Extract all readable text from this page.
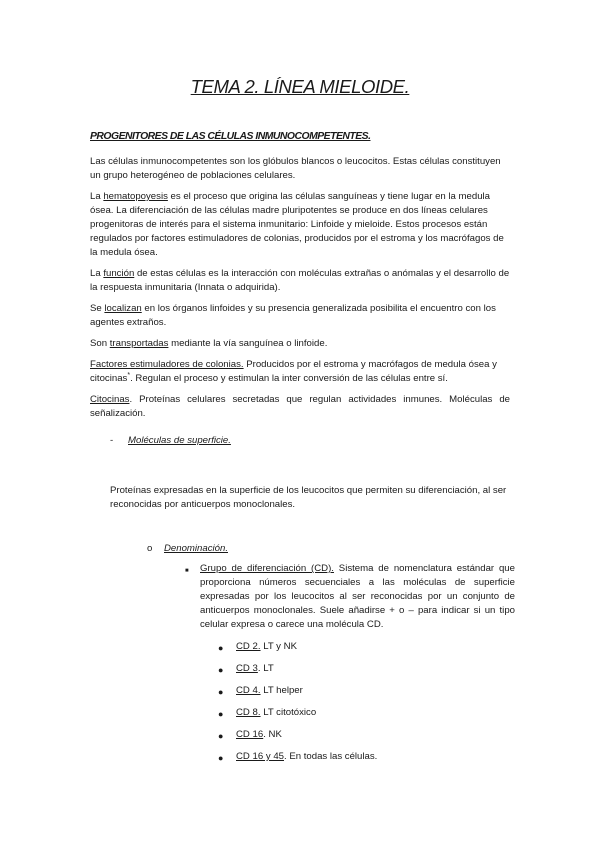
TEMA 2. LÍNEA MIELOIDE.
PROGENITORES DE LAS CÉLULAS INMUNOCOMPETENTES.

Las células inmunocompetentes son los glóbulos blancos o leucocitos. Estas células constituyen un grupo heterogéneo de poblaciones celulares.

La hematopoyesis es el proceso que origina las células sanguíneas y tiene lugar en la medula ósea. La diferenciación de las células madre pluripotentes se produce en dos líneas celulares progenitoras de interés para el sistema inmunitario: Linfoide y mieloide. Estos procesos están regulados por factores estimuladores de colonias, producidos por el estroma y los macrófagos de la medula ósea.

La función de estas células es la interacción con moléculas extrañas o anómalas y el desarrollo de la respuesta inmunitaria (Innata o adquirida).

Se localizan en los órganos linfoides y su presencia generalizada posibilita el encuentro con los agentes extraños.

Son transportadas mediante la vía sanguínea o linfoide.

Factores estimuladores de colonias. Producidos por el estroma y macrófagos de medula ósea y citocinas*. Regulan el proceso y estimulan la inter conversión de las células entre sí.

Citocinas. Proteínas celulares secretadas que regulan actividades inmunes. Moléculas de señalización.

- Moléculas de superficie.
Proteínas expresadas en la superficie de los leucocitos que permiten su diferenciación, al ser reconocidas por anticuerpos monoclonales.
o Denominación.
■ Grupo de diferenciación (CD). Sistema de nomenclatura estándar que proporciona números secuenciales a las moléculas de superficie expresadas por los leucocitos al ser reconocidas por un conjunto de anticuerpos monoclonales. Suele añadirse + o – para indicar si un tipo celular expresa o carece una molécula CD.
● CD 2. LT y NK
● CD 3. LT
● CD 4. LT helper
● CD 8. LT citotóxico
● CD 16. NK
● CD 16 y 45. En todas las células.
